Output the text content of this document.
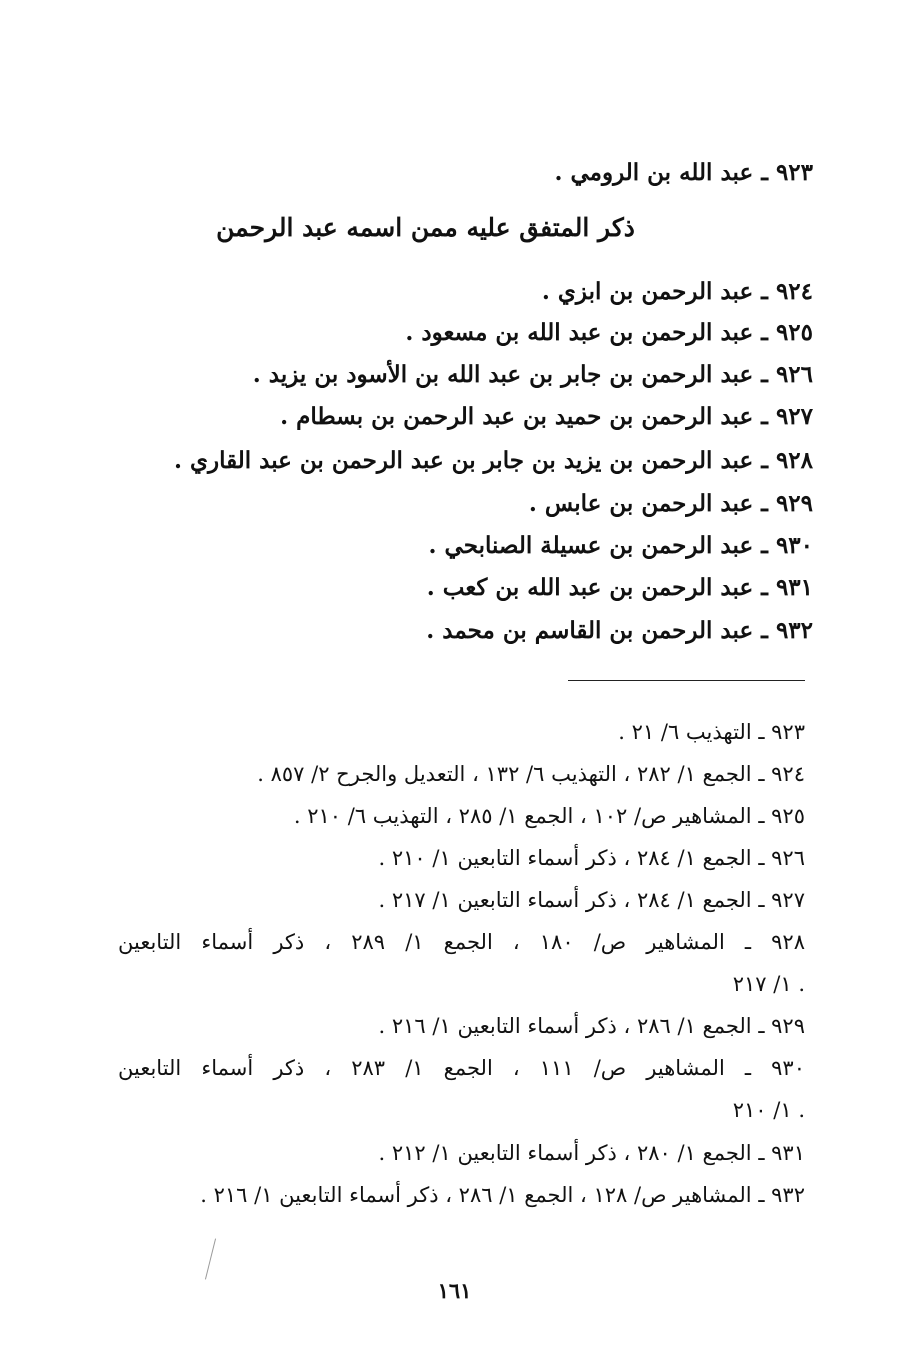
٩٢٣ ـ عبد الله بن الرومي .
ذكر المتفق عليه ممن اسمه عبد الرحمن
٩٢٤ ـ عبد الرحمن بن ابزي .
٩٢٥ ـ عبد الرحمن بن عبد الله بن مسعود .
٩٢٦ ـ عبد الرحمن بن جابر بن عبد الله بن الأسود بن يزيد .
٩٢٧ ـ عبد الرحمن بن حميد بن عبد الرحمن بن بسطام .
٩٢٨ ـ عبد الرحمن بن يزيد بن جابر بن عبد الرحمن بن عبد القاري .
٩٢٩ ـ عبد الرحمن بن عابس .
٩٣٠ ـ عبد الرحمن بن عسيلة الصنابحي .
٩٣١ ـ عبد الرحمن بن عبد الله بن كعب .
٩٣٢ ـ عبد الرحمن بن القاسم بن محمد .
٩٢٣ ـ التهذيب ٦/ ٢١ .
٩٢٤ ـ الجمع ١/ ٢٨٢ ، التهذيب ٦/ ١٣٢ ، التعديل والجرح ٢/ ٨٥٧ .
٩٢٥ ـ المشاهير ص/ ١٠٢ ، الجمع ١/ ٢٨٥ ، التهذيب ٦/ ٢١٠ .
٩٢٦ ـ الجمع ١/ ٢٨٤ ، ذكر أسماء التابعين ١/ ٢١٠ .
٩٢٧ ـ الجمع ١/ ٢٨٤ ، ذكر أسماء التابعين ١/ ٢١٧ .
٩٢٨ ـ المشاهير ص/ ١٨٠ ، الجمع ١/ ٢٨٩ ، ذكر أسماء التابعين
١/ ٢١٧ .
٩٢٩ ـ الجمع ١/ ٢٨٦ ، ذكر أسماء التابعين ١/ ٢١٦ .
٩٣٠ ـ المشاهير ص/ ١١١ ، الجمع ١/ ٢٨٣ ، ذكر أسماء التابعين
١/ ٢١٠ .
٩٣١ ـ الجمع ١/ ٢٨٠ ، ذكر أسماء التابعين ١/ ٢١٢ .
٩٣٢ ـ المشاهير ص/ ١٢٨ ، الجمع ١/ ٢٨٦ ، ذكر أسماء التابعين ١/ ٢١٦ .
١٦١
